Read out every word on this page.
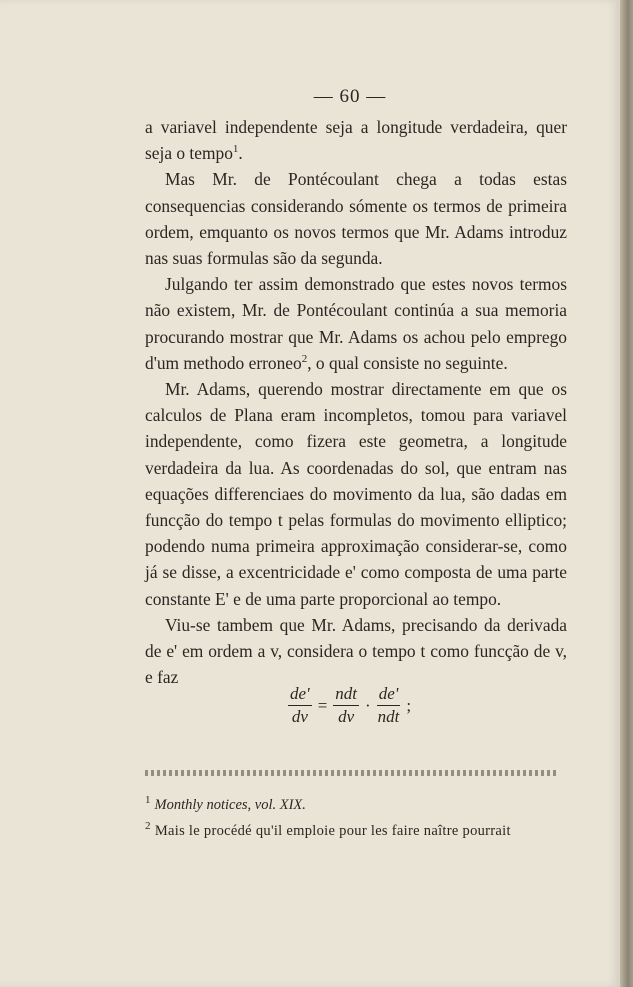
— 60 —

a variavel independente seja a longitude verdadeira, quer seja o tempo$^1$.

Mas Mr. de Pontécoulant chega a todas estas consequencias considerando sómente os termos de primeira ordem, emquanto os novos termos que Mr. Adams introduz nas suas formulas são da segunda.

Julgando ter assim demonstrado que estes novos termos não existem, Mr. de Pontécoulant continúa a sua memoria procurando mostrar que Mr. Adams os achou pelo emprego d'um methodo erroneo$^2$, o qual consiste no seguinte.

Mr. Adams, querendo mostrar directamente em que os calculos de Plana eram incompletos, tomou para variavel independente, como fizera este geometra, a longitude verdadeira da lua. As coordenadas do sol, que entram nas equações differenciaes do movimento da lua, são dadas em funcção do tempo t pelas formulas do movimento elliptico; podendo numa primeira approximação considerar-se, como já se disse, a excentricidade e' como composta de uma parte constante E' e de uma parte proporcional ao tempo.

Viu-se tambem que Mr. Adams, precisando da derivada de e' em ordem a v, considera o tempo t como funcção de v, e faz

$\frac{de'}{dv} = \frac{\text{ndt}}{dv} \cdot \frac{de'}{\text{ndt}}$ ;

$^1$ Monthly notices, vol. XIX.

$^2$ Mais le procédé qu'il emploie pour les faire naître pourrait
